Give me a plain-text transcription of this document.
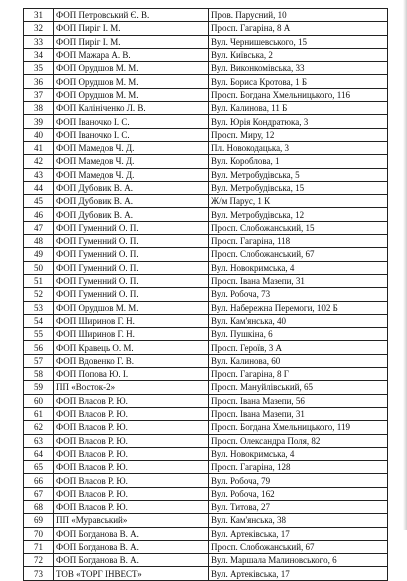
31	ФОП Петровський Є. В.	Пров. Парусний, 10
32	ФОП Пиріг І. М.	Просп. Гагаріна, 8 А
33	ФОП Пиріг І. М.	Вул. Чернишевського, 15
34	ФОП Мажара А. В.	Вул. Київська, 2
35	ФОП Орудшов М. М.	Вул. Виконкомівська, 33
36	ФОП Орудшов М. М.	Вул. Бориса Кротова, 1 Б
37	ФОП Орудшов М. М.	Просп. Богдана Хмельницького, 116
38	ФОП Калініченко Л. В.	Вул. Калинова, 11 Б
39	ФОП Іваночко І. С.	Вул. Юрія Кондратюка, 3
40	ФОП Іваночко І. С.	Просп. Миру, 12
41	ФОП Мамедов Ч. Д.	Пл. Новокодацька, 3
42	ФОП Мамедов Ч. Д.	Вул. Короблова, 1
43	ФОП Мамедов Ч. Д.	Вул. Метробудівська, 5
44	ФОП Дубовик В. А.	Вул. Метробудівська, 15
45	ФОП Дубовик В. А.	Ж/м Парус, 1 К
46	ФОП Дубовик В. А.	Вул. Метробудівська, 12
47	ФОП Гуменний О. П.	Просп. Слобожанський, 15
48	ФОП Гуменний О. П.	Просп. Гагаріна, 118
49	ФОП Гуменний О. П.	Просп. Слобожанський, 67
50	ФОП Гуменний О. П.	Вул. Новокримська, 4
51	ФОП Гуменний О. П.	Просп. Івана Мазепи, 31
52	ФОП Гуменний О. П.	Вул. Робоча, 73
53	ФОП Орудшов М. М.	Вул. Набережна Перемоги, 102 Б
54	ФОП Ширинов Г. Н.	Вул. Кам'янська, 40
55	ФОП Ширинов Г. Н.	Вул. Пушкіна, 6
56	ФОП Кравець О. М.	Просп. Героїв, 3 А
57	ФОП Вдовенко Г. В.	Вул. Калинова, 60
58	ФОП Попова Ю. І.	Просп. Гагаріна, 8 Г
59	ПП «Восток-2»	Просп. Мануйлівський, 65
60	ФОП Власов Р. Ю.	Просп. Івана Мазепи, 56
61	ФОП Власов Р. Ю.	Просп. Івана Мазепи, 31
62	ФОП Власов Р. Ю.	Просп. Богдана Хмельницького, 119
63	ФОП Власов Р. Ю.	Просп. Олександра Поля, 82
64	ФОП Власов Р. Ю.	Вул. Новокримська, 4
65	ФОП Власов Р. Ю.	Просп. Гагаріна, 128
66	ФОП Власов Р. Ю.	Вул. Робоча, 79
67	ФОП Власов Р. Ю.	Вул. Робоча, 162
68	ФОП Власов Р. Ю.	Вул. Титова, 27
69	ПП «Муравський»	Вул. Кам'янська, 38
70	ФОП Богданова В. А.	Вул. Артеківська, 17
71	ФОП Богданова В. А.	Просп. Слобожанський, 67
72	ФОП Богданова В. А.	Вул. Маршала Малиновського, 6
73	ТОВ «ТОРГ ІНВЕСТ»	Вул. Артеківська, 17
